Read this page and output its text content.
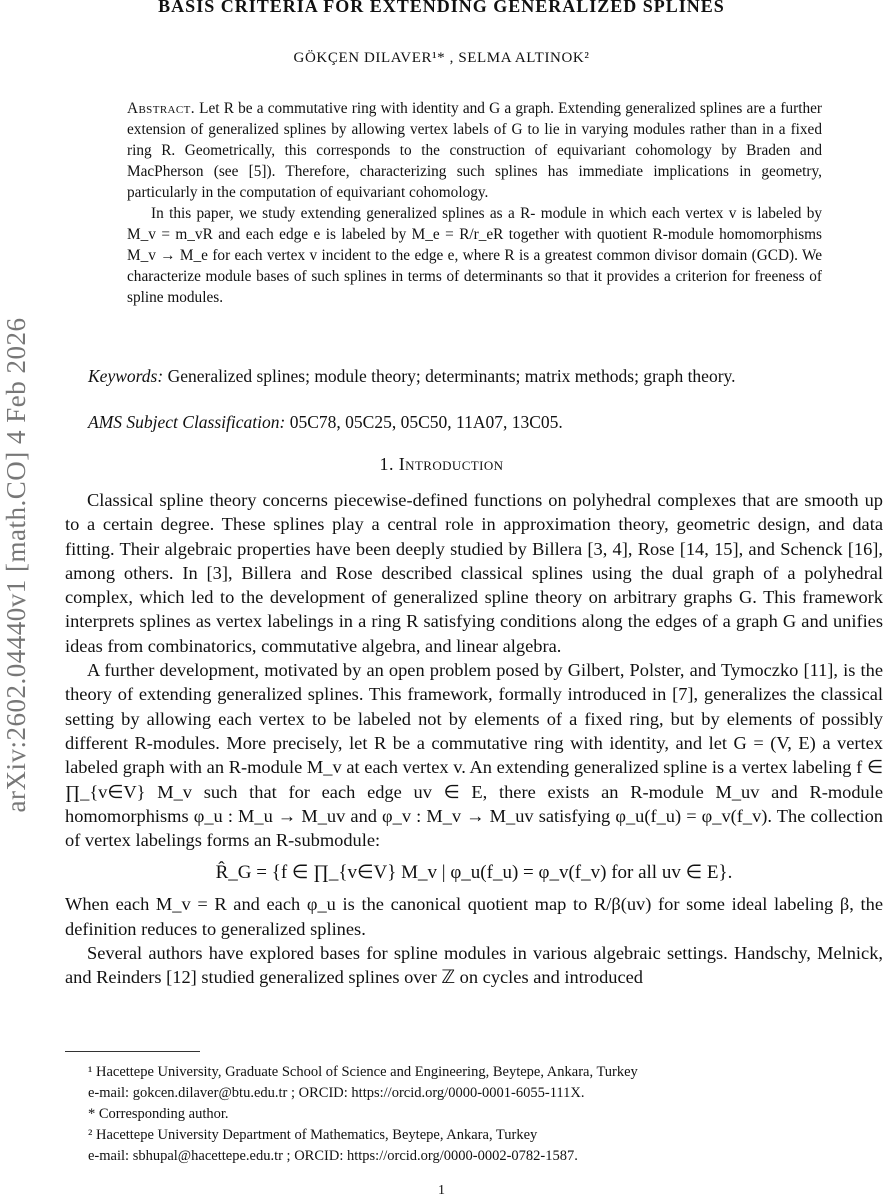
arXiv:2602.04440v1 [math.CO] 4 Feb 2026
BASIS CRITERIA FOR EXTENDING GENERALIZED SPLINES
GÖKÇEN DILAVER¹* , SELMA ALTINOK²

Abstract. Let R be a commutative ring with identity and G a graph. Extending generalized splines are a further extension of generalized splines by allowing vertex labels of G to lie in varying modules rather than in a fixed ring R. Geometrically, this corresponds to the construction of equivariant cohomology by Braden and MacPherson (see [5]). Therefore, characterizing such splines has immediate implications in geometry, particularly in the computation of equivariant cohomology.

In this paper, we study extending generalized splines as a R- module in which each vertex v is labeled by M_v = m_vR and each edge e is labeled by M_e = R/r_eR together with quotient R-module homomorphisms M_v → M_e for each vertex v incident to the edge e, where R is a greatest common divisor domain (GCD). We characterize module bases of such splines in terms of determinants so that it provides a criterion for freeness of spline modules.

Keywords: Generalized splines; module theory; determinants; matrix methods; graph theory.
AMS Subject Classification: 05C78, 05C25, 05C50, 11A07, 13C05.
1. Introduction

Classical spline theory concerns piecewise-defined functions on polyhedral complexes that are smooth up to a certain degree. These splines play a central role in approximation theory, geometric design, and data fitting. Their algebraic properties have been deeply studied by Billera [3, 4], Rose [14, 15], and Schenck [16], among others. In [3], Billera and Rose described classical splines using the dual graph of a polyhedral complex, which led to the development of generalized spline theory on arbitrary graphs G. This framework interprets splines as vertex labelings in a ring R satisfying conditions along the edges of a graph G and unifies ideas from combinatorics, commutative algebra, and linear algebra.

A further development, motivated by an open problem posed by Gilbert, Polster, and Tymoczko [11], is the theory of extending generalized splines. This framework, formally introduced in [7], generalizes the classical setting by allowing each vertex to be labeled not by elements of a fixed ring, but by elements of possibly different R-modules. More precisely, let R be a commutative ring with identity, and let G = (V, E) a vertex labeled graph with an R-module M_v at each vertex v. An extending generalized spline is a vertex labeling f ∈ ∏_{v∈V} M_v such that for each edge uv ∈ E, there exists an R-module M_uv and R-module homomorphisms φ_u : M_u → M_uv and φ_v : M_v → M_uv satisfying φ_u(f_u) = φ_v(f_v). The collection of vertex labelings forms an R-submodule:

R̂_G = {f ∈ ∏_{v∈V} M_v | φ_u(f_u) = φ_v(f_v) for all uv ∈ E}.

When each M_v = R and each φ_u is the canonical quotient map to R/β(uv) for some ideal labeling β, the definition reduces to generalized splines.

Several authors have explored bases for spline modules in various algebraic settings. Handschy, Melnick, and Reinders [12] studied generalized splines over ℤ on cycles and introduced

¹ Hacettepe University, Graduate School of Science and Engineering, Beytepe, Ankara, Turkey
e-mail: gokcen.dilaver@btu.edu.tr ; ORCID: https://orcid.org/0000-0001-6055-111X.
* Corresponding author.
² Hacettepe University Department of Mathematics, Beytepe, Ankara, Turkey
e-mail: sbhupal@hacettepe.edu.tr ; ORCID: https://orcid.org/0000-0002-0782-1587.
1
